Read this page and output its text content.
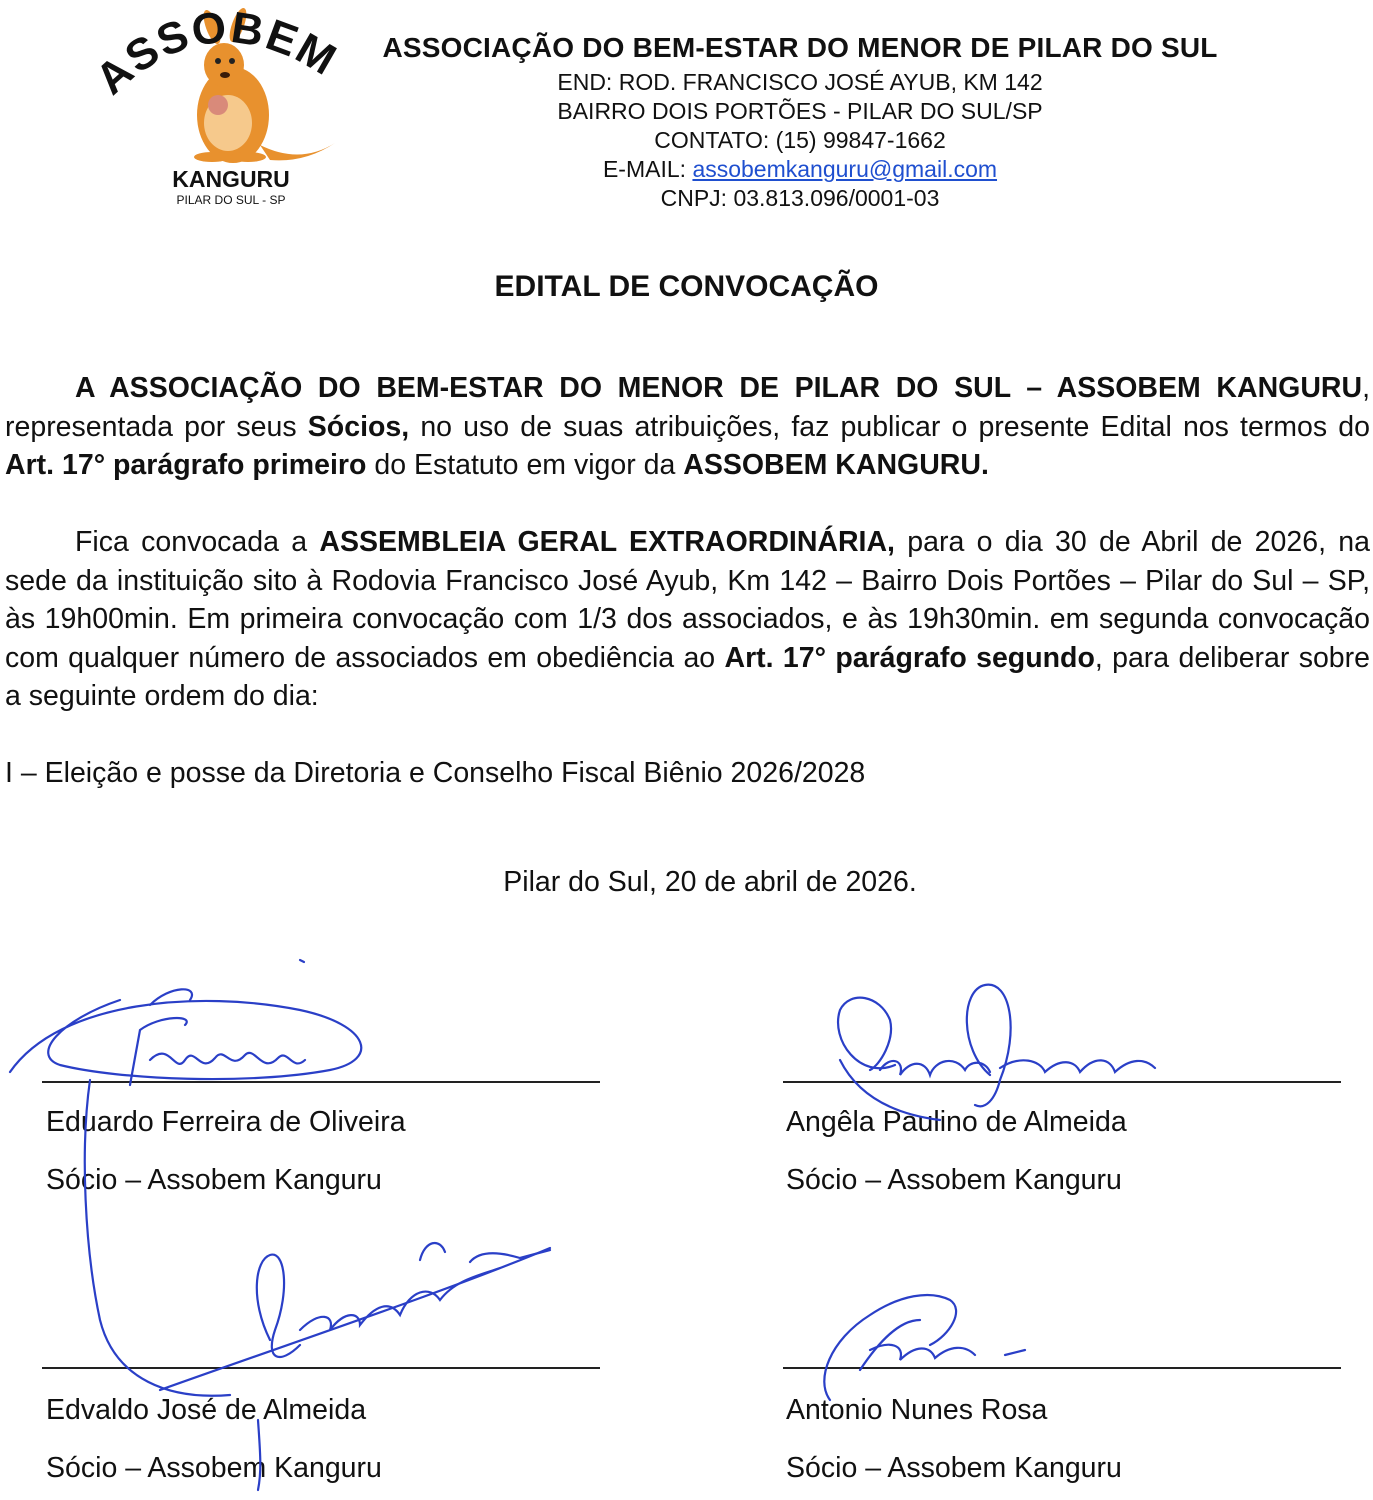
SSOBEM
KANGURU
PILAR DO SUL - SP
ASSOCIAÇÃO DO BEM-ESTAR DO MENOR DE PILAR DO SUL
END: ROD. FRANCISCO JOSÉ AYUB, KM 142
BAIRRO DOIS PORTÕES - PILAR DO SUL/SP
CONTATO: (15) 99847-1662
E-MAIL: assobemkanguru@gmail.com
CNPJ: 03.813.096/0001-03
EDITAL DE CONVOCAÇÃO
A ASSOCIAÇÃO DO BEM-ESTAR DO MENOR DE PILAR DO SUL – ASSOBEM KANGURU, representada por seus Sócios, no uso de suas atribuições, faz publicar o presente Edital nos termos do Art. 17° parágrafo primeiro do Estatuto em vigor da ASSOBEM KANGURU.
Fica convocada a ASSEMBLEIA GERAL EXTRAORDINÁRIA, para o dia 30 de Abril de 2026, na sede da instituição sito à Rodovia Francisco José Ayub, Km 142 – Bairro Dois Portões – Pilar do Sul – SP, às 19h00min. Em primeira convocação com 1/3 dos associados, e às 19h30min. em segunda convocação com qualquer número de associados em obediência ao Art. 17° parágrafo segundo, para deliberar sobre a seguinte ordem do dia:
I – Eleição e posse da Diretoria e Conselho Fiscal Biênio 2026/2028
Pilar do Sul, 20 de abril de 2026.
Eduardo Ferreira de Oliveira
Sócio – Assobem Kanguru
Angêla Paulino de Almeida
Sócio – Assobem Kanguru
Edvaldo José de Almeida
Sócio – Assobem Kanguru
Antonio Nunes Rosa
Sócio – Assobem Kanguru
